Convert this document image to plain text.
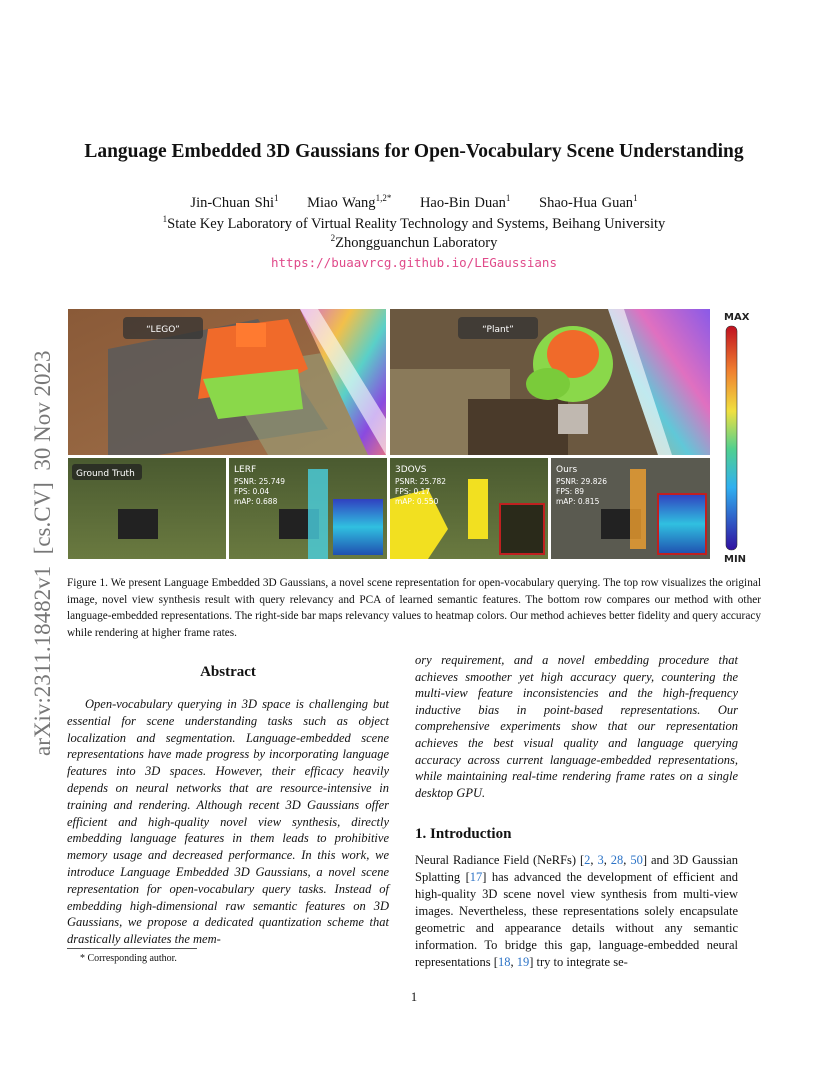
arXiv:2311.18482v1  [cs.CV]  30 Nov 2023
Language Embedded 3D Gaussians for Open-Vocabulary Scene Understanding
Jin-Chuan Shi$^1$ Miao Wang$^{1,2*}$ Hao-Bin Duan$^1$ Shao-Hua Guan$^1$
$^1$State Key Laboratory of Virtual Reality Technology and Systems, Beihang University
$^2$Zhongguanchun Laboratory
https://buaavrcg.github.io/LEGaussians
“LEGO”	“Plant”
Ground Truth	LERF
PSNR: 25.749
FPS: 0.04
mAP: 0.688
3DOVS
PSNR: 25.782
FPS: 0.17
mAP: 0.550
Ours
PSNR: 29.826
FPS: 89
mAP: 0.815
MAX
MIN
Figure 1. We present Language Embedded 3D Gaussians, a novel scene representation for open-vocabulary querying. The top row visualizes the original image, novel view synthesis result with query relevancy and PCA of learned semantic features. The bottom row compares our method with other language-embedded representations. The right-side bar maps relevancy values to heatmap colors. Our method achieves better fidelity and query accuracy while rendering at higher frame rates.
Abstract
Open-vocabulary querying in 3D space is challenging but essential for scene understanding tasks such as object localization and segmentation. Language-embedded scene representations have made progress by incorporating language features into 3D spaces. However, their efficacy heavily depends on neural networks that are resource-intensive in training and rendering. Although recent 3D Gaussians offer efficient and high-quality novel view synthesis, directly embedding language features in them leads to prohibitive memory usage and decreased performance. In this work, we introduce Language Embedded 3D Gaussians, a novel scene representation for open-vocabulary query tasks. Instead of embedding high-dimensional raw semantic features on 3D Gaussians, we propose a dedicated quantization scheme that drastically alleviates the mem-
ory requirement, and a novel embedding procedure that achieves smoother yet high accuracy query, countering the multi-view feature inconsistencies and the high-frequency inductive bias in point-based representations. Our comprehensive experiments show that our representation achieves the best visual quality and language querying accuracy across current language-embedded representations, while maintaining real-time rendering frame rates on a single desktop GPU.
1. Introduction
Neural Radiance Field (NeRFs) [2, 3, 28, 50] and 3D Gaussian Splatting [17] has advanced the development of efficient and high-quality 3D scene novel view synthesis from multi-view images. Nevertheless, these representations solely encapsulate geometric and appearance details without any semantic information. To bridge this gap, language-embedded neural representations [18, 19] try to integrate se-
* Corresponding author.
1
